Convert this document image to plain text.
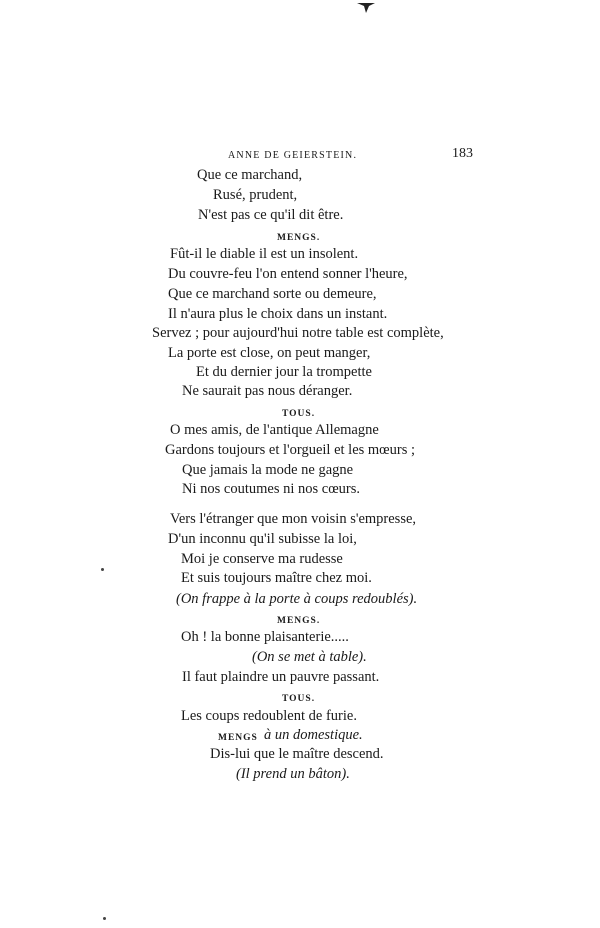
ANNE DE GEIERSTEIN.	183
Que ce marchand,
Rusé, prudent,
N'est pas ce qu'il dit être.
MENGS.
Fût-il le diable il est un insolent.
Du couvre-feu l'on entend sonner l'heure,
Que ce marchand sorte ou demeure,
Il n'aura plus le choix dans un instant.
Servez ; pour aujourd'hui notre table est complète,
La porte est close, on peut manger,
Et du dernier jour la trompette
Ne saurait pas nous déranger.
TOUS.
O mes amis, de l'antique Allemagne
Gardons toujours et l'orgueil et les mœurs ;
Que jamais la mode ne gagne
Ni nos coutumes ni nos cœurs.
Vers l'étranger que mon voisin s'empresse,
D'un inconnu qu'il subisse la loi,
Moi je conserve ma rudesse
Et suis toujours maître chez moi.
(On frappe à la porte à coups redoublés).
MENGS.
Oh ! la bonne plaisanterie.....
(On se met à table).
Il faut plaindre un pauvre passant.
TOUS.
Les coups redoublent de furie.
MENGS à un domestique.
Dis-lui que le maître descend.
(Il prend un bâton).
